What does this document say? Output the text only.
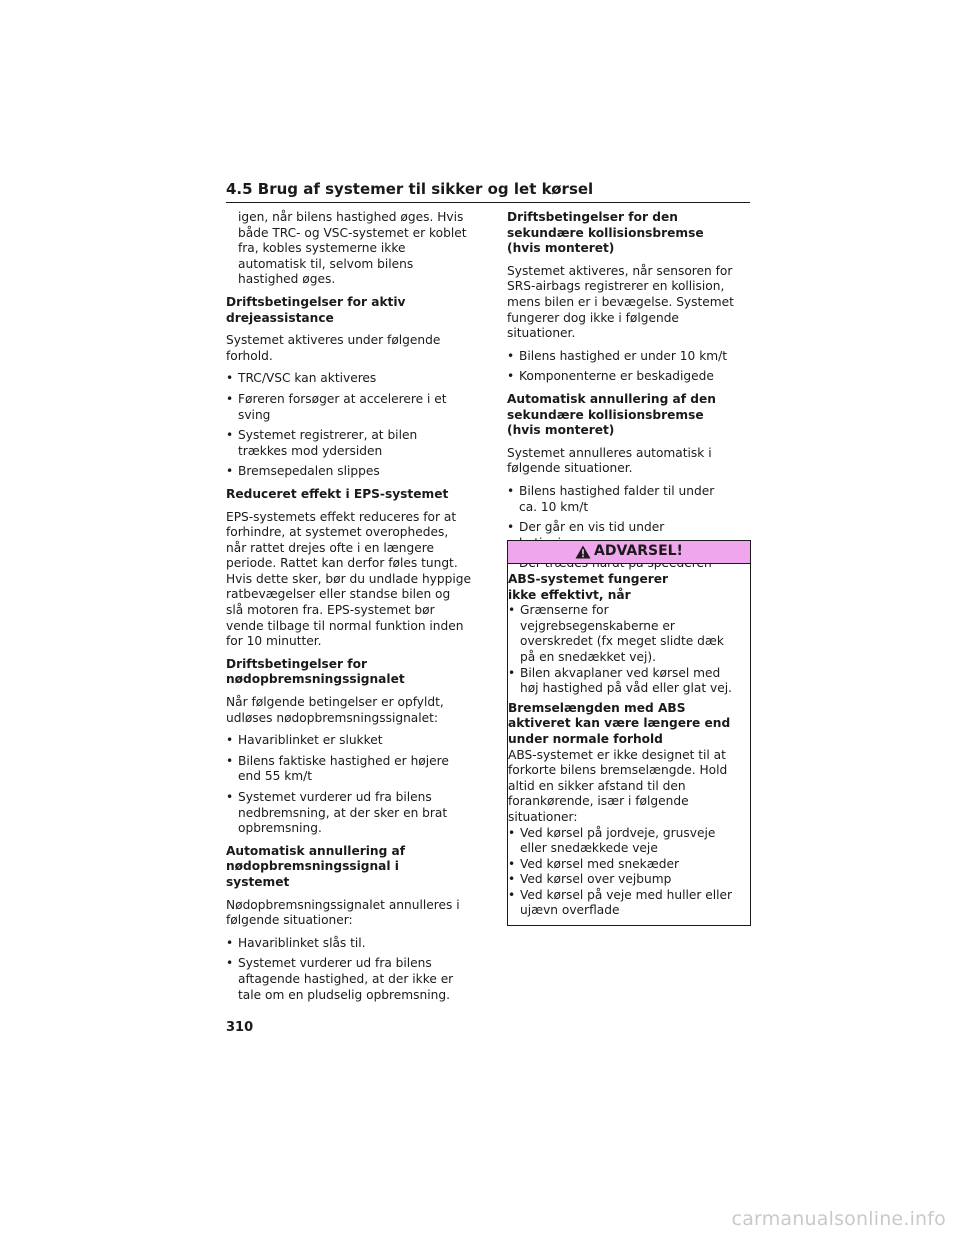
4.5 Brug af systemer til sikker og let kørsel
igen, når bilens hastighed øges. Hvis
både TRC- og VSC-systemet er koblet
fra, kobles systemerne ikke
automatisk til, selvom bilens
hastighed øges.
Driftsbetingelser for aktiv drejeassistance
Systemet aktiveres under følgende forhold.
• TRC/VSC kan aktiveres
• Føreren forsøger at accelerere i et sving
• Systemet registrerer, at bilen trækkes mod ydersiden
• Bremsepedalen slippes
Reduceret effekt i EPS-systemet
EPS-systemets effekt reduceres for at forhindre, at systemet overophedes, når rattet drejes ofte i en længere periode. Rattet kan derfor føles tungt. Hvis dette sker, bør du undlade hyppige ratbevægelser eller standse bilen og slå motoren fra. EPS-systemet bør vende tilbage til normal funktion inden for 10 minutter.
Driftsbetingelser for nødopbremsningssignalet
Når følgende betingelser er opfyldt, udløses nødopbremsningssignalet:
• Havariblinket er slukket
• Bilens faktiske hastighed er højere end 55 km/t
• Systemet vurderer ud fra bilens nedbremsning, at der sker en brat opbremsning.
Automatisk annullering af nødopbremsningssignal i systemet
Nødopbremsningssignalet annulleres i følgende situationer:
• Havariblinket slås til.
• Systemet vurderer ud fra bilens aftagende hastighed, at der ikke er tale om en pludselig opbremsning.
Driftsbetingelser for den sekundære kollisionsbremse (hvis monteret)
Systemet aktiveres, når sensoren for SRS-airbags registrerer en kollision, mens bilen er i bevægelse. Systemet fungerer dog ikke i følgende situationer.
• Bilens hastighed er under 10 km/t
• Komponenterne er beskadigede
Automatisk annullering af den sekundære kollisionsbremse (hvis monteret)
Systemet annulleres automatisk i følgende situationer.
• Bilens hastighed falder til under ca. 10 km/t
• Der går en vis tid under
ADVARSEL!
ABS-systemet fungerer ikke effektivt, når
• Grænserne for vejgrebsegenskaberne er overskredet (fx meget slidte dæk på en snedækket vej).
• Bilen akvaplaner ved kørsel med høj hastighed på våd eller glat vej.
Bremselængden med ABS aktiveret kan være længere end under normale forhold
ABS-systemet er ikke designet til at forkorte bilens bremselængde. Hold altid en sikker afstand til den forankørende, især i følgende situationer:
• Ved kørsel på jordveje, grusveje eller snedækkede veje
• Ved kørsel med snekæder
• Ved kørsel over vejbump
• Ved kørsel på veje med huller eller ujævn overflade
310
carmanualsonline.info
